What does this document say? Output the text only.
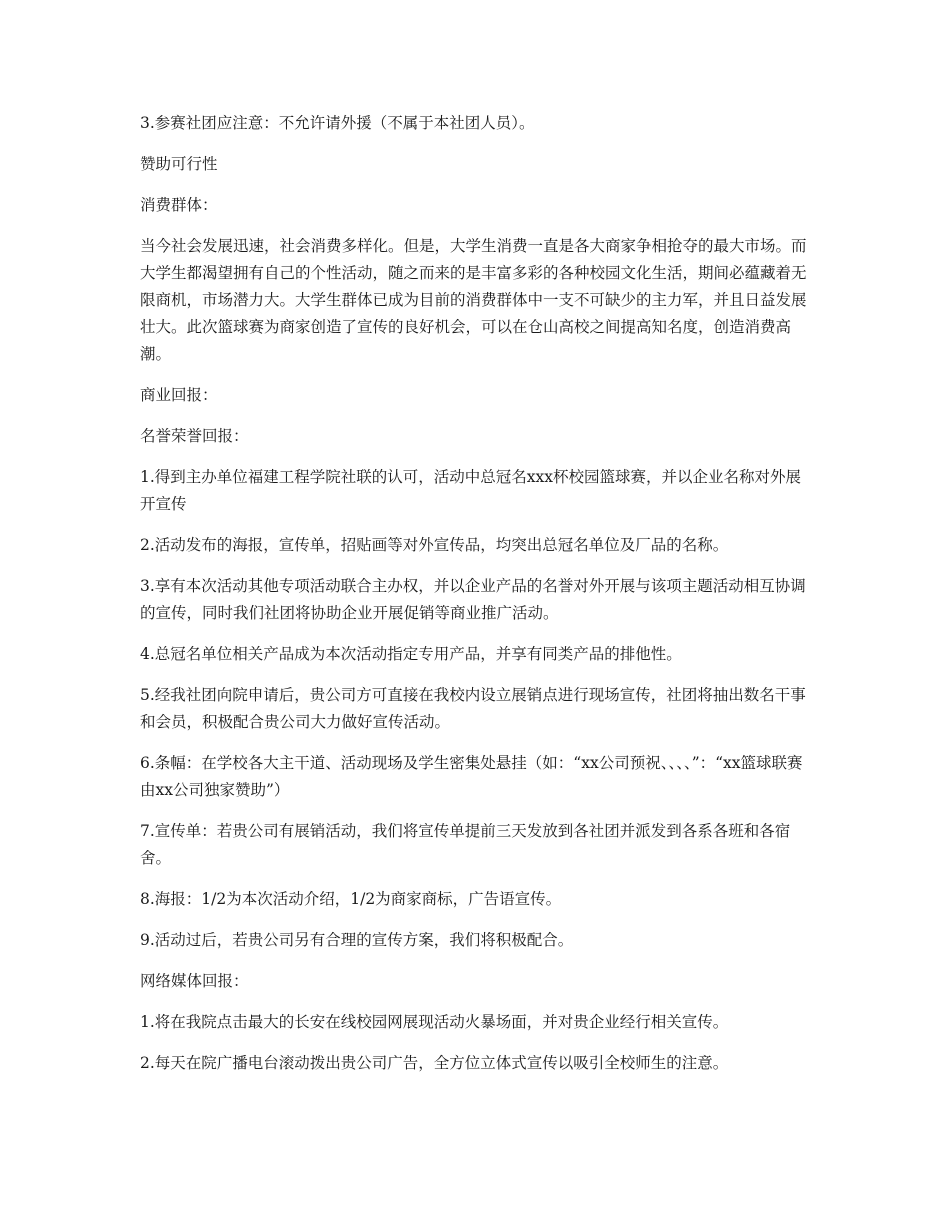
3.参赛社团应注意：不允许请外援（不属于本社团人员）。

赞助可行性

消费群体：

当今社会发展迅速，社会消费多样化。但是，大学生消费一直是各大商家争相抢夺的最大市场。而大学生都渴望拥有自己的个性活动，随之而来的是丰富多彩的各种校园文化生活，期间必蕴藏着无限商机，市场潜力大。大学生群体已成为目前的消费群体中一支不可缺少的主力军，并且日益发展壮大。此次篮球赛为商家创造了宣传的良好机会，可以在仓山高校之间提高知名度，创造消费高潮。

商业回报：

名誉荣誉回报：

1.得到主办单位福建工程学院社联的认可，活动中总冠名xxx杯校园篮球赛，并以企业名称对外展开宣传

2.活动发布的海报，宣传单，招贴画等对外宣传品，均突出总冠名单位及厂品的名称。

3.享有本次活动其他专项活动联合主办权，并以企业产品的名誉对外开展与该项主题活动相互协调的宣传，同时我们社团将协助企业开展促销等商业推广活动。

4.总冠名单位相关产品成为本次活动指定专用产品，并享有同类产品的排他性。

5.经我社团向院申请后，贵公司方可直接在我校内设立展销点进行现场宣传，社团将抽出数名干事和会员，积极配合贵公司大力做好宣传活动。

6.条幅：在学校各大主干道、活动现场及学生密集处悬挂（如：“xx公司预祝、、、、”：“xx篮球联赛由xx公司独家赞助”）

7.宣传单：若贵公司有展销活动，我们将宣传单提前三天发放到各社团并派发到各系各班和各宿舍。

8.海报：1/2为本次活动介绍，1/2为商家商标，广告语宣传。

9.活动过后，若贵公司另有合理的宣传方案，我们将积极配合。

网络媒体回报：

1.将在我院点击最大的长安在线校园网展现活动火暴场面，并对贵企业经行相关宣传。

2.每天在院广播电台滚动拨出贵公司广告，全方位立体式宣传以吸引全校师生的注意。
